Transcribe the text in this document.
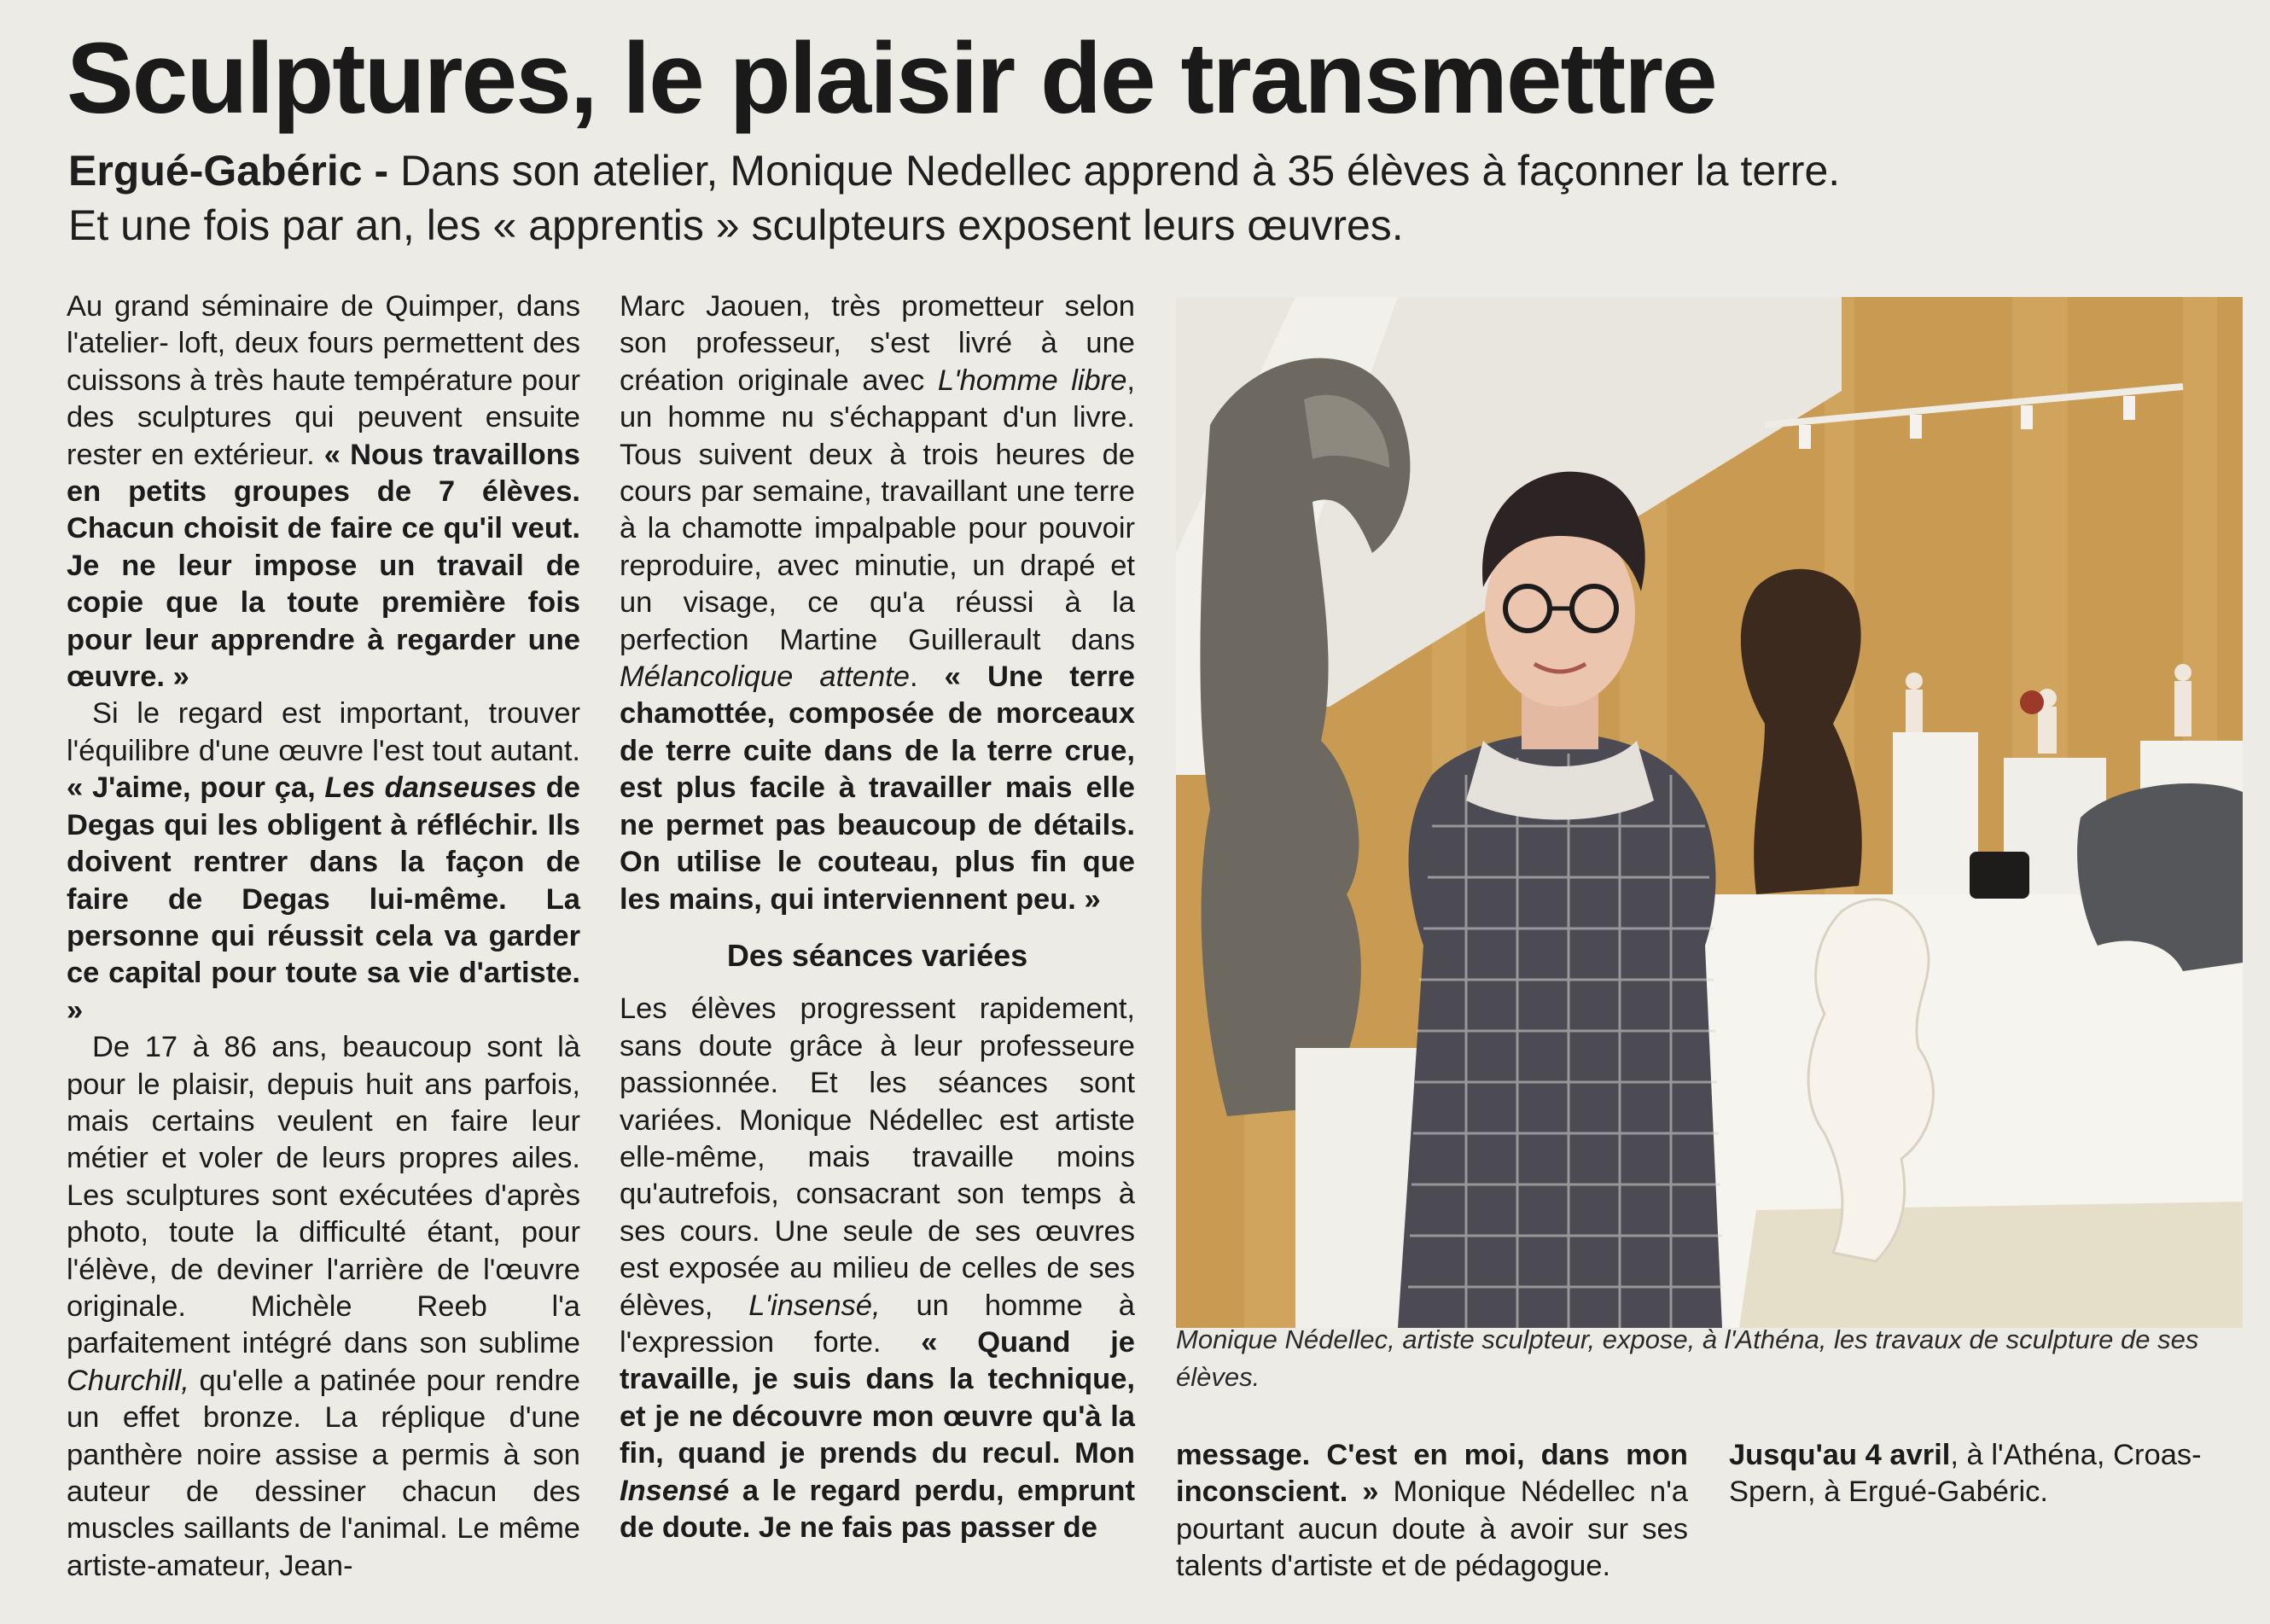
Sculptures, le plaisir de transmettre
Ergué-Gabéric - Dans son atelier, Monique Nedellec apprend à 35 élèves à façonner la terre.
Et une fois par an, les « apprentis » sculpteurs exposent leurs œuvres.

Au grand séminaire de Quimper, dans l'atelier- loft, deux fours permettent des cuissons à très haute température pour des sculptures qui peuvent ensuite rester en extérieur. « Nous travaillons en petits groupes de 7 élèves. Chacun choisit de faire ce qu'il veut. Je ne leur impose un travail de copie que la toute première fois pour leur apprendre à regarder une œuvre. »

Si le regard est important, trouver l'équilibre d'une œuvre l'est tout autant. « J'aime, pour ça, Les danseuses de Degas qui les obligent à réfléchir. Ils doivent rentrer dans la façon de faire de Degas lui-même. La personne qui réussit cela va garder ce capital pour toute sa vie d'artiste. »

De 17 à 86 ans, beaucoup sont là pour le plaisir, depuis huit ans parfois, mais certains veulent en faire leur métier et voler de leurs propres ailes. Les sculptures sont exécutées d'après photo, toute la difficulté étant, pour l'élève, de deviner l'arrière de l'œuvre originale. Michèle Reeb l'a parfaitement intégré dans son sublime Churchill, qu'elle a patinée pour rendre un effet bronze. La réplique d'une panthère noire assise a permis à son auteur de dessiner chacun des muscles saillants de l'animal. Le même artiste-amateur, Jean-

Marc Jaouen, très prometteur selon son professeur, s'est livré à une création originale avec L'homme libre, un homme nu s'échappant d'un livre. Tous suivent deux à trois heures de cours par semaine, travaillant une terre à la chamotte impalpable pour pouvoir reproduire, avec minutie, un drapé et un visage, ce qu'a réussi à la perfection Martine Guillerault dans Mélancolique attente. « Une terre chamottée, composée de morceaux de terre cuite dans de la terre crue, est plus facile à travailler mais elle ne permet pas beaucoup de détails. On utilise le couteau, plus fin que les mains, qui interviennent peu. »

Des séances variées

Les élèves progressent rapidement, sans doute grâce à leur professeure passionnée. Et les séances sont variées. Monique Nédellec est artiste elle-même, mais travaille moins qu'autrefois, consacrant son temps à ses cours. Une seule de ses œuvres est exposée au milieu de celles de ses élèves, L'insensé, un homme à l'expression forte. « Quand je travaille, je suis dans la technique, et je ne découvre mon œuvre qu'à la fin, quand je prends du recul. Mon Insensé a le regard perdu, emprunt de doute. Je ne fais pas passer de

Monique Nédellec, artiste sculpteur, expose, à l'Athéna, les travaux de sculpture de ses élèves.

message. C'est en moi, dans mon inconscient. » Monique Nédellec n'a pourtant aucun doute à avoir sur ses talents d'artiste et de pédagogue.

Jusqu'au 4 avril, à l'Athéna, Croas-Spern, à Ergué-Gabéric.
